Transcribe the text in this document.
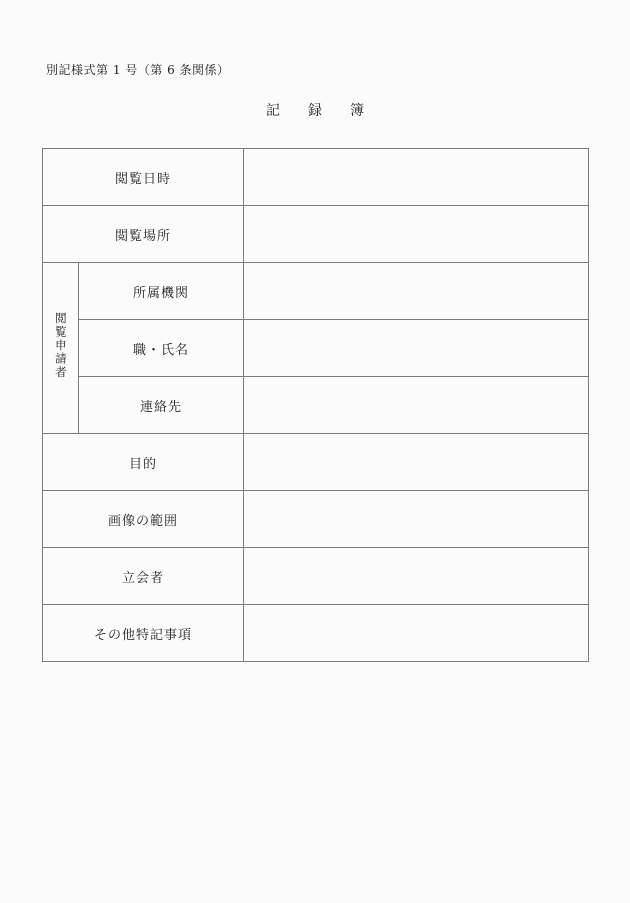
別記様式第 1 号（第 6 条関係）
記　　録　　簿
閲覧日時		
閲覧場所		
閲覧申請者	所属機関	
	職・氏名	
	連絡先	
目的		
画像の範囲		
立会者		
その他特記事項		
